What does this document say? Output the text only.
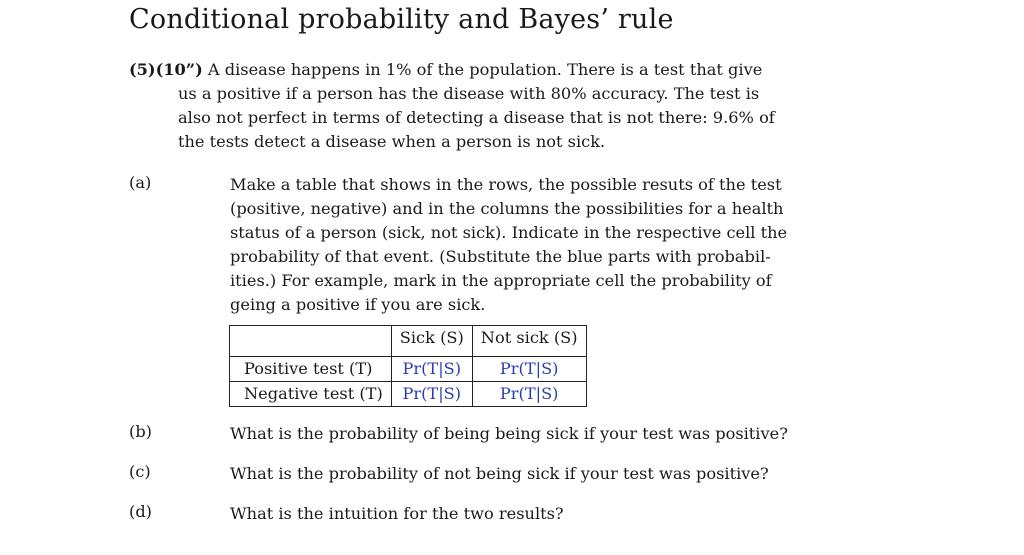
Conditional probability and Bayes’ rule
(5)(10”) A disease happens in 1% of the population. There is a test that give
us a positive if a person has the disease with 80% accuracy. The test is
also not perfect in terms of detecting a disease that is not there: 9.6% of
the tests detect a disease when a person is not sick.
(a)	Make a table that shows in the rows, the possible resuts of the test
(positive, negative) and in the columns the possibilities for a health
status of a person (sick, not sick). Indicate in the respective cell the
probability of that event. (Substitute the blue parts with probabil-
ities.) For example, mark in the appropriate cell the probability of
geing a positive if you are sick.
	Sick (S)	Not sick (S)

Positive test (T)	Pr(T|S)	Pr(T|S)
Negative test (T)	Pr(T|S)	Pr(T|S)
(b)	What is the probability of being being sick if your test was positive?
(c)	What is the probability of not being sick if your test was positive?
(d)	What is the intuition for the two results?
